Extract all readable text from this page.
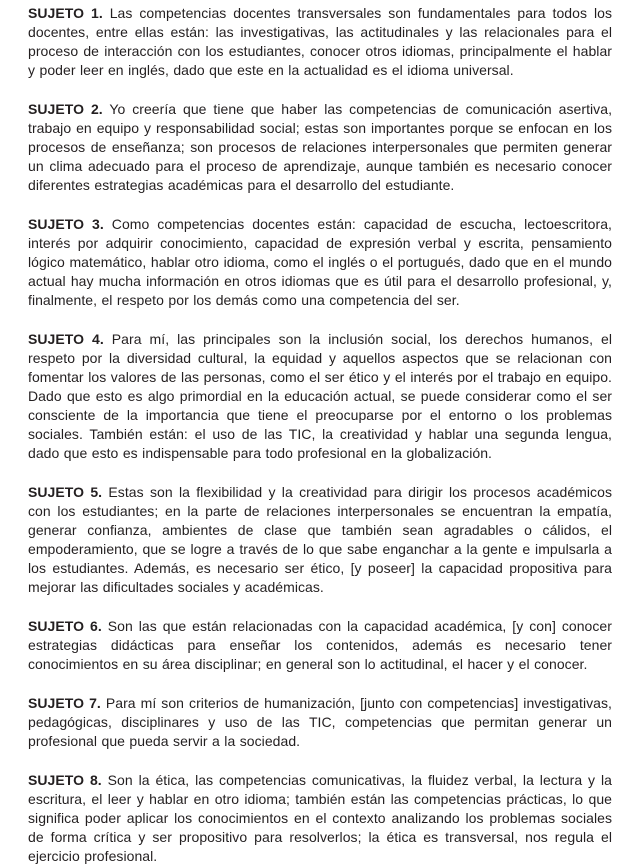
SUJETO 1. Las competencias docentes transversales son fundamentales para todos los docentes, entre ellas están: las investigativas, las actitudinales y las relacionales para el proceso de interacción con los estudiantes, conocer otros idiomas, principalmente el hablar y poder leer en inglés, dado que este en la actualidad es el idioma universal.

SUJETO 2. Yo creería que tiene que haber las competencias de comunicación asertiva, trabajo en equipo y responsabilidad social; estas son importantes porque se enfocan en los procesos de enseñanza; son procesos de relaciones interpersonales que permiten generar un clima adecuado para el proceso de aprendizaje, aunque también es necesario conocer diferentes estrategias académicas para el desarrollo del estudiante.

SUJETO 3. Como competencias docentes están: capacidad de escucha, lectoescritora, interés por adquirir conocimiento, capacidad de expresión verbal y escrita, pensamiento lógico matemático, hablar otro idioma, como el inglés o el portugués, dado que en el mundo actual hay mucha información en otros idiomas que es útil para el desarrollo profesional, y, finalmente, el respeto por los demás como una competencia del ser.

SUJETO 4. Para mí, las principales son la inclusión social, los derechos humanos, el respeto por la diversidad cultural, la equidad y aquellos aspectos que se relacionan con fomentar los valores de las personas, como el ser ético y el interés por el trabajo en equipo. Dado que esto es algo primordial en la educación actual, se puede considerar como el ser consciente de la importancia que tiene el preocuparse por el entorno o los problemas sociales. También están: el uso de las TIC, la creatividad y hablar una segunda lengua, dado que esto es indispensable para todo profesional en la globalización.

SUJETO 5. Estas son la flexibilidad y la creatividad para dirigir los procesos académicos con los estudiantes; en la parte de relaciones interpersonales se encuentran la empatía, generar confianza, ambientes de clase que también sean agradables o cálidos, el empoderamiento, que se logre a través de lo que sabe enganchar a la gente e impulsarla a los estudiantes. Además, es necesario ser ético, [y poseer] la capacidad propositiva para mejorar las dificultades sociales y académicas.

SUJETO 6. Son las que están relacionadas con la capacidad académica, [y con] conocer estrategias didácticas para enseñar los contenidos, además es necesario tener conocimientos en su área disciplinar; en general son lo actitudinal, el hacer y el conocer.

SUJETO 7. Para mí son criterios de humanización, [junto con competencias] investigativas, pedagógicas, disciplinares y uso de las TIC, competencias que permitan generar un profesional que pueda servir a la sociedad.

SUJETO 8. Son la ética, las competencias comunicativas, la fluidez verbal, la lectura y la escritura, el leer y hablar en otro idioma; también están las competencias prácticas, lo que significa poder aplicar los conocimientos en el contexto analizando los problemas sociales de forma crítica y ser propositivo para resolverlos; la ética es transversal, nos regula el ejercicio profesional.
